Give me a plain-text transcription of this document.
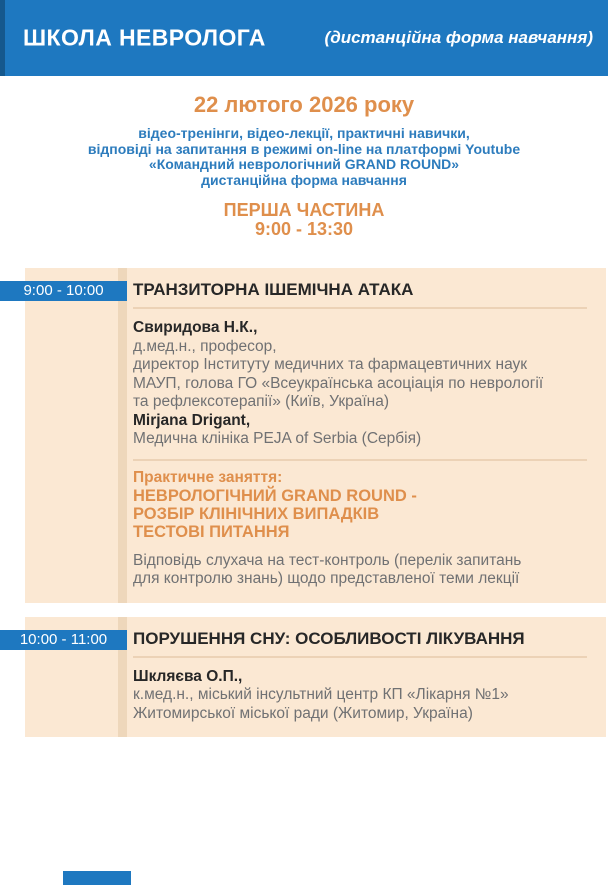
ШКОЛА НЕВРОЛОГА	(дистанційна форма навчання)
22 лютого 2026 року
відео-тренінги, відео-лекції, практичні навички,
відповіді на запитання в режимі on-line на платформі Youtube
«Командний неврологічний GRAND ROUND»
дистанційна форма навчання
ПЕРША ЧАСТИНА
9:00 - 13:30
9:00 - 10:00	ТРАНЗИТОРНА ІШЕМІЧНА АТАКА
Свиридова Н.К.,
д.мед.н., професор,
директор Інституту медичних та фармацевтичних наук
МАУП, голова ГО «Всеукраїнська асоціація по неврології
та рефлексотерапії» (Київ, Україна)
Mirjana Drigant,
Медична клініка PEJA of Serbia (Сербія)
Практичне заняття:
НЕВРОЛОГІЧНИЙ GRAND ROUND -
РОЗБІР КЛІНІЧНИХ ВИПАДКІВ
ТЕСТОВІ ПИТАННЯ
Відповідь слухача на тест-контроль (перелік запитань
для контролю знань) щодо представленої теми лекції
10:00 - 11:00	ПОРУШЕННЯ СНУ: ОСОБЛИВОСТІ ЛІКУВАННЯ
Шкляєва О.П.,
к.мед.н., міський інсультний центр КП «Лікарня №1»
Житомирської міської ради (Житомир, Україна)
